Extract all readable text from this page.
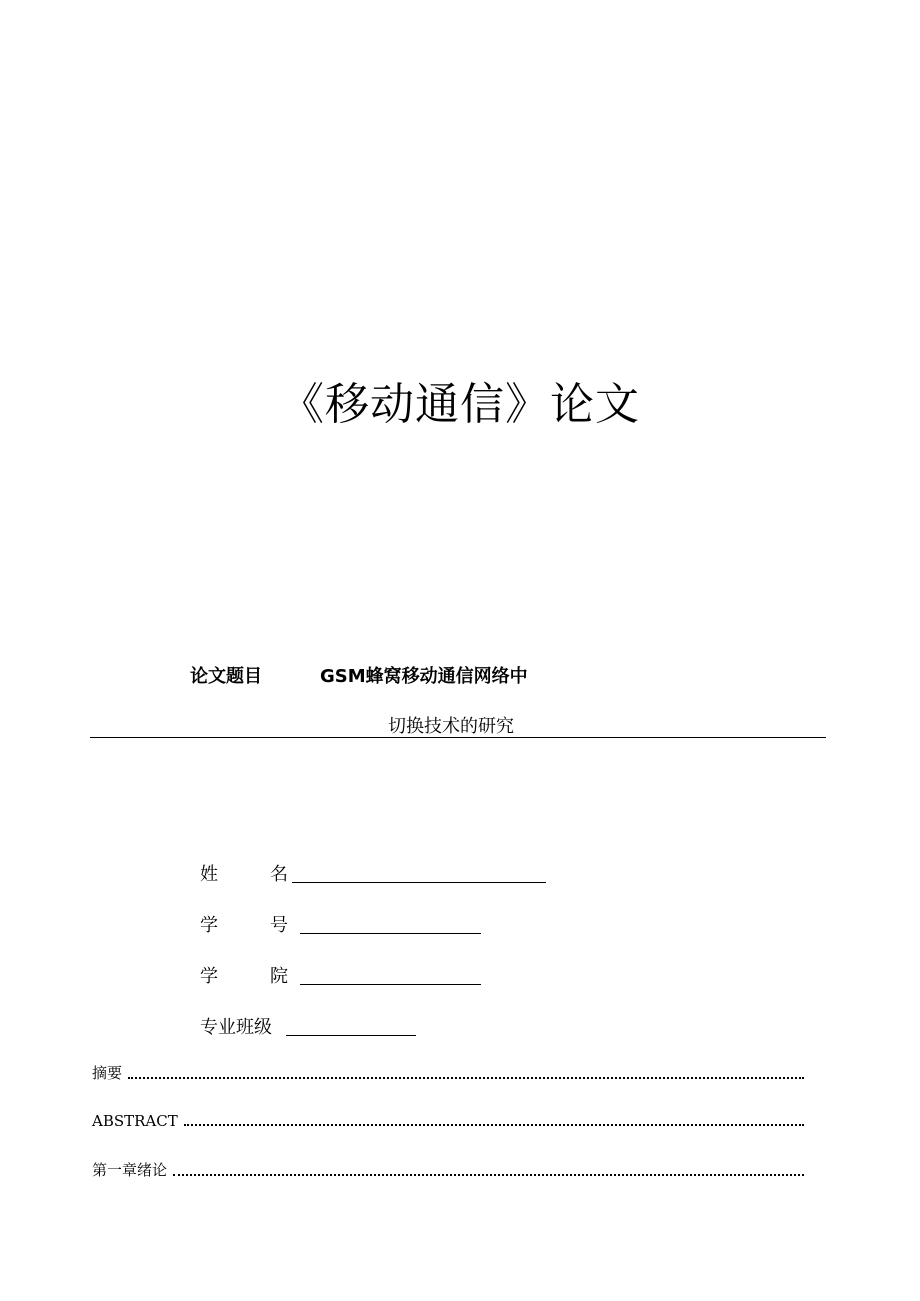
《移动通信》论文
论文题目	GSM蜂窝移动通信网络中
切换技术的研究
姓	名
学	号
学	院
专业班级
摘要
ABSTRACT
第一章绪论
